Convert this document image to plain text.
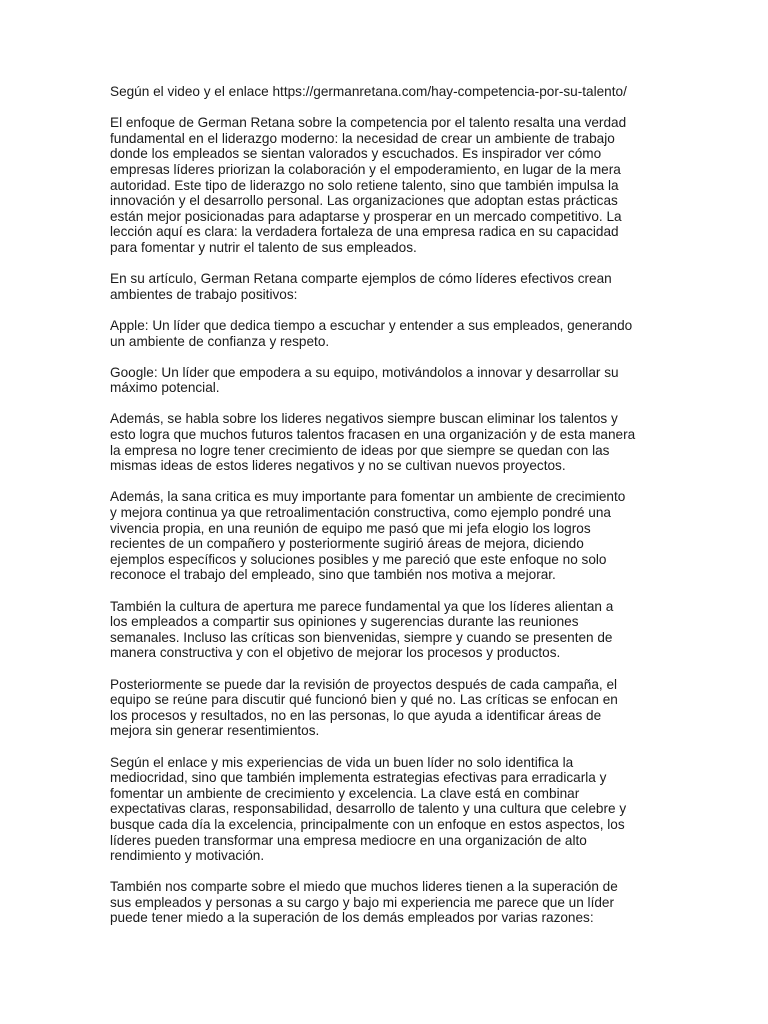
Según el video y el enlace https://germanretana.com/hay-competencia-por-su-talento/

El enfoque de German Retana sobre la competencia por el talento resalta una verdad
fundamental en el liderazgo moderno: la necesidad de crear un ambiente de trabajo
donde los empleados se sientan valorados y escuchados. Es inspirador ver cómo
empresas líderes priorizan la colaboración y el empoderamiento, en lugar de la mera
autoridad. Este tipo de liderazgo no solo retiene talento, sino que también impulsa la
innovación y el desarrollo personal. Las organizaciones que adoptan estas prácticas
están mejor posicionadas para adaptarse y prosperar en un mercado competitivo. La
lección aquí es clara: la verdadera fortaleza de una empresa radica en su capacidad
para fomentar y nutrir el talento de sus empleados.

En su artículo, German Retana comparte ejemplos de cómo líderes efectivos crean
ambientes de trabajo positivos:

Apple: Un líder que dedica tiempo a escuchar y entender a sus empleados, generando
un ambiente de confianza y respeto.

Google: Un líder que empodera a su equipo, motivándolos a innovar y desarrollar su
máximo potencial.

Además, se habla sobre los lideres negativos siempre buscan eliminar los talentos y
esto logra que muchos futuros talentos fracasen en una organización y de esta manera
la empresa no logre tener crecimiento de ideas por que siempre se quedan con las
mismas ideas de estos lideres negativos y no se cultivan nuevos proyectos.

Además, la sana critica es muy importante para fomentar un ambiente de crecimiento
y mejora continua ya que retroalimentación constructiva, como ejemplo pondré una
vivencia propia, en una reunión de equipo me pasó que mi jefa elogio los logros
recientes de un compañero y posteriormente sugirió áreas de mejora, diciendo
ejemplos específicos y soluciones posibles y me pareció que este enfoque no solo
reconoce el trabajo del empleado, sino que también nos motiva a mejorar.

También la cultura de apertura me parece fundamental ya que los líderes alientan a
los empleados a compartir sus opiniones y sugerencias durante las reuniones
semanales. Incluso las críticas son bienvenidas, siempre y cuando se presenten de
manera constructiva y con el objetivo de mejorar los procesos y productos.

Posteriormente se puede dar la revisión de proyectos después de cada campaña, el
equipo se reúne para discutir qué funcionó bien y qué no. Las críticas se enfocan en
los procesos y resultados, no en las personas, lo que ayuda a identificar áreas de
mejora sin generar resentimientos.

Según el enlace y mis experiencias de vida un buen líder no solo identifica la
mediocridad, sino que también implementa estrategias efectivas para erradicarla y
fomentar un ambiente de crecimiento y excelencia. La clave está en combinar
expectativas claras, responsabilidad, desarrollo de talento y una cultura que celebre y
busque cada día la excelencia, principalmente con un enfoque en estos aspectos, los
líderes pueden transformar una empresa mediocre en una organización de alto
rendimiento y motivación.

También nos comparte sobre el miedo que muchos lideres tienen a la superación de
sus empleados y personas a su cargo y bajo mi experiencia me parece que un líder
puede tener miedo a la superación de los demás empleados por varias razones:
